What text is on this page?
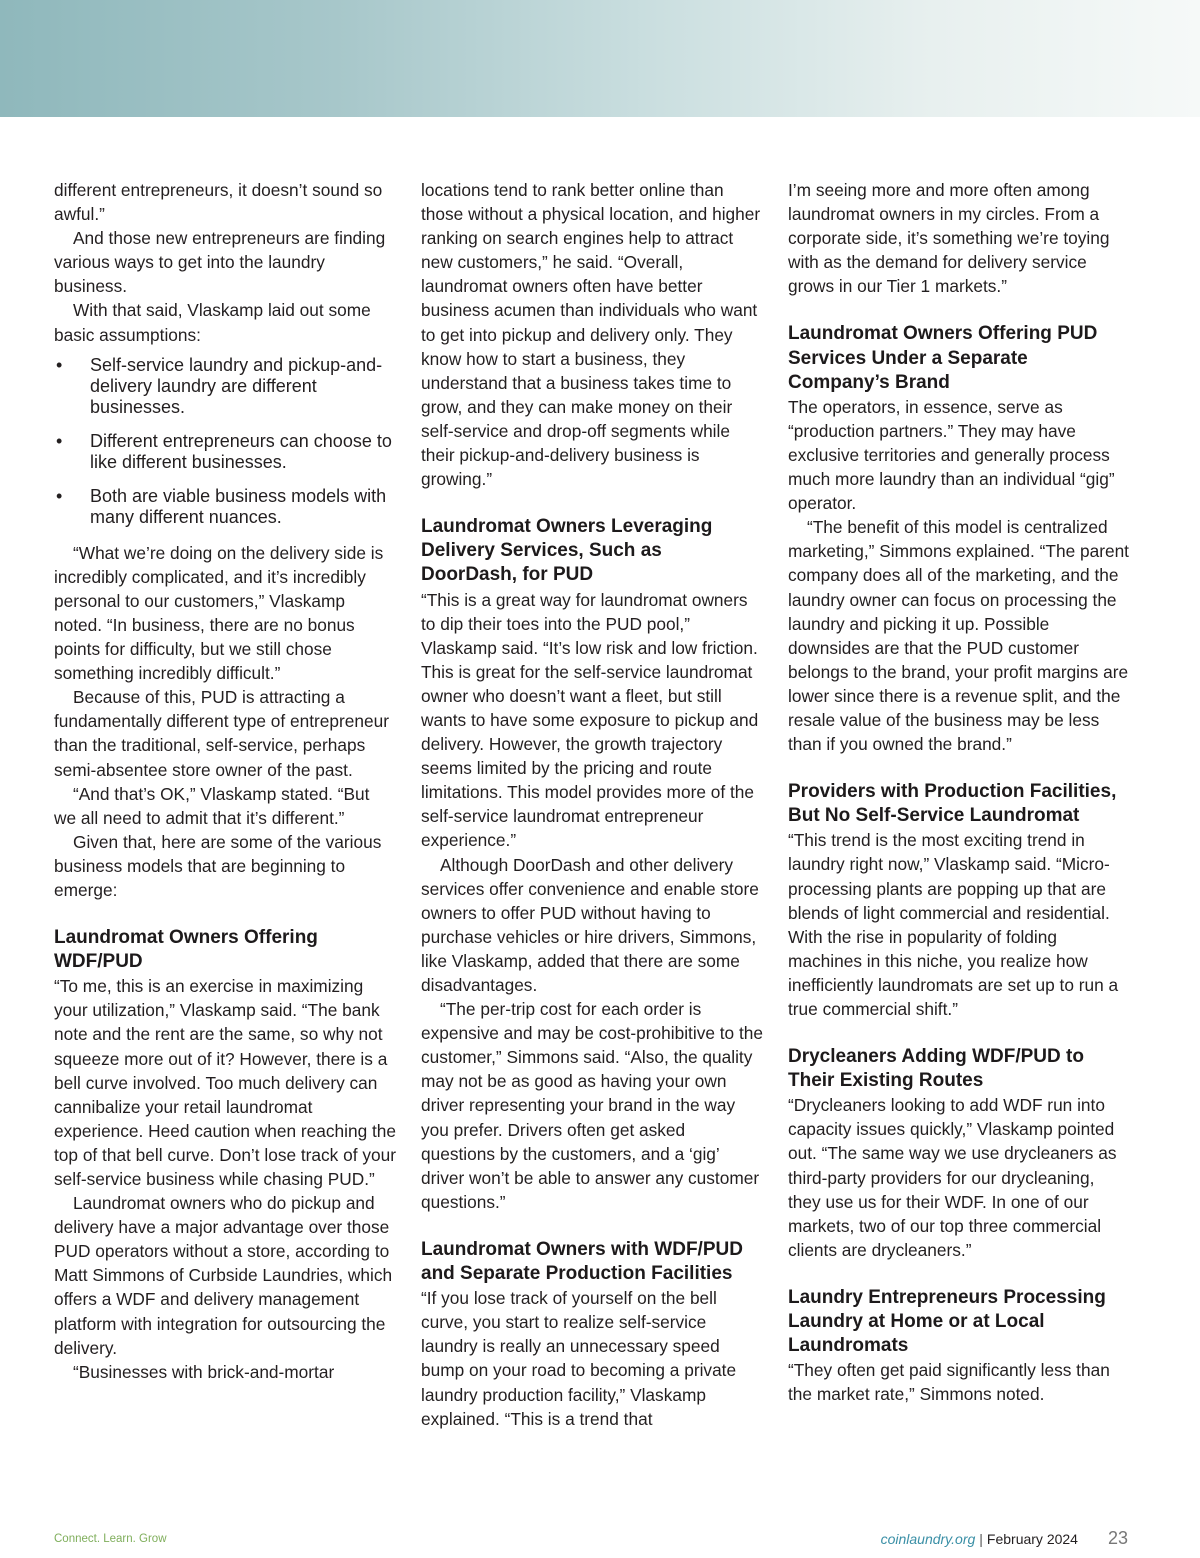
different entrepreneurs, it doesn’t sound so awful.”

And those new entrepreneurs are finding various ways to get into the laundry business.

With that said, Vlaskamp laid out some basic assumptions:

• Self-service laundry and pickup-and-delivery laundry are different businesses.
• Different entrepreneurs can choose to like different businesses.
• Both are viable business models with many different nuances.

“What we’re doing on the delivery side is incredibly complicated, and it’s incredibly personal to our customers,” Vlaskamp noted. “In business, there are no bonus points for difficulty, but we still chose something incredibly difficult.”

Because of this, PUD is attracting a fundamentally different type of entrepreneur than the traditional, self-service, perhaps semi-absentee store owner of the past.

“And that’s OK,” Vlaskamp stated. “But we all need to admit that it’s different.”

Given that, here are some of the various business models that are beginning to emerge:

Laundromat Owners Offering WDF/PUD

“To me, this is an exercise in maximizing your utilization,” Vlaskamp said. “The bank note and the rent are the same, so why not squeeze more out of it? However, there is a bell curve involved. Too much delivery can cannibalize your retail laundromat experience. Heed caution when reaching the top of that bell curve. Don’t lose track of your self-service business while chasing PUD.”

Laundromat owners who do pickup and delivery have a major advantage over those PUD operators without a store, according to Matt Simmons of Curbside Laundries, which offers a WDF and delivery management platform with integration for outsourcing the delivery.

“Businesses with brick-and-mortar

locations tend to rank better online than those without a physical location, and higher ranking on search engines help to attract new customers,” he said. “Overall, laundromat owners often have better business acumen than individuals who want to get into pickup and delivery only. They know how to start a business, they understand that a business takes time to grow, and they can make money on their self-service and drop-off segments while their pickup-and-delivery business is growing.”

Laundromat Owners Leveraging Delivery Services, Such as DoorDash, for PUD

“This is a great way for laundromat owners to dip their toes into the PUD pool,” Vlaskamp said. “It’s low risk and low friction. This is great for the self-service laundromat owner who doesn’t want a fleet, but still wants to have some exposure to pickup and delivery. However, the growth trajectory seems limited by the pricing and route limitations. This model provides more of the self-service laundromat entrepreneur experience.”

Although DoorDash and other delivery services offer convenience and enable store owners to offer PUD without having to purchase vehicles or hire drivers, Simmons, like Vlaskamp, added that there are some disadvantages.

“The per-trip cost for each order is expensive and may be cost-prohibitive to the customer,” Simmons said. “Also, the quality may not be as good as having your own driver representing your brand in the way you prefer. Drivers often get asked questions by the customers, and a ‘gig’ driver won’t be able to answer any customer questions.”

Laundromat Owners with WDF/PUD and Separate Production Facilities

“If you lose track of yourself on the bell curve, you start to realize self-service laundry is really an unnecessary speed bump on your road to becoming a private laundry production facility,” Vlaskamp explained. “This is a trend that

I’m seeing more and more often among laundromat owners in my circles. From a corporate side, it’s something we’re toying with as the demand for delivery service grows in our Tier 1 markets.”

Laundromat Owners Offering PUD Services Under a Separate Company’s Brand

The operators, in essence, serve as “production partners.” They may have exclusive territories and generally process much more laundry than an individual “gig” operator.

“The benefit of this model is centralized marketing,” Simmons explained. “The parent company does all of the marketing, and the laundry owner can focus on processing the laundry and picking it up. Possible downsides are that the PUD customer belongs to the brand, your profit margins are lower since there is a revenue split, and the resale value of the business may be less than if you owned the brand.”

Providers with Production Facilities, But No Self-Service Laundromat

“This trend is the most exciting trend in laundry right now,” Vlaskamp said. “Micro-processing plants are popping up that are blends of light commercial and residential. With the rise in popularity of folding machines in this niche, you realize how inefficiently laundromats are set up to run a true commercial shift.”

Drycleaners Adding WDF/PUD to Their Existing Routes

“Drycleaners looking to add WDF run into capacity issues quickly,” Vlaskamp pointed out. “The same way we use drycleaners as third-party providers for our drycleaning, they use us for their WDF. In one of our markets, two of our top three commercial clients are drycleaners.”

Laundry Entrepreneurs Processing Laundry at Home or at Local Laundromats

“They often get paid significantly less than the market rate,” Simmons noted.

Connect. Learn. Grow	coinlaundry.org | February 2024 23
